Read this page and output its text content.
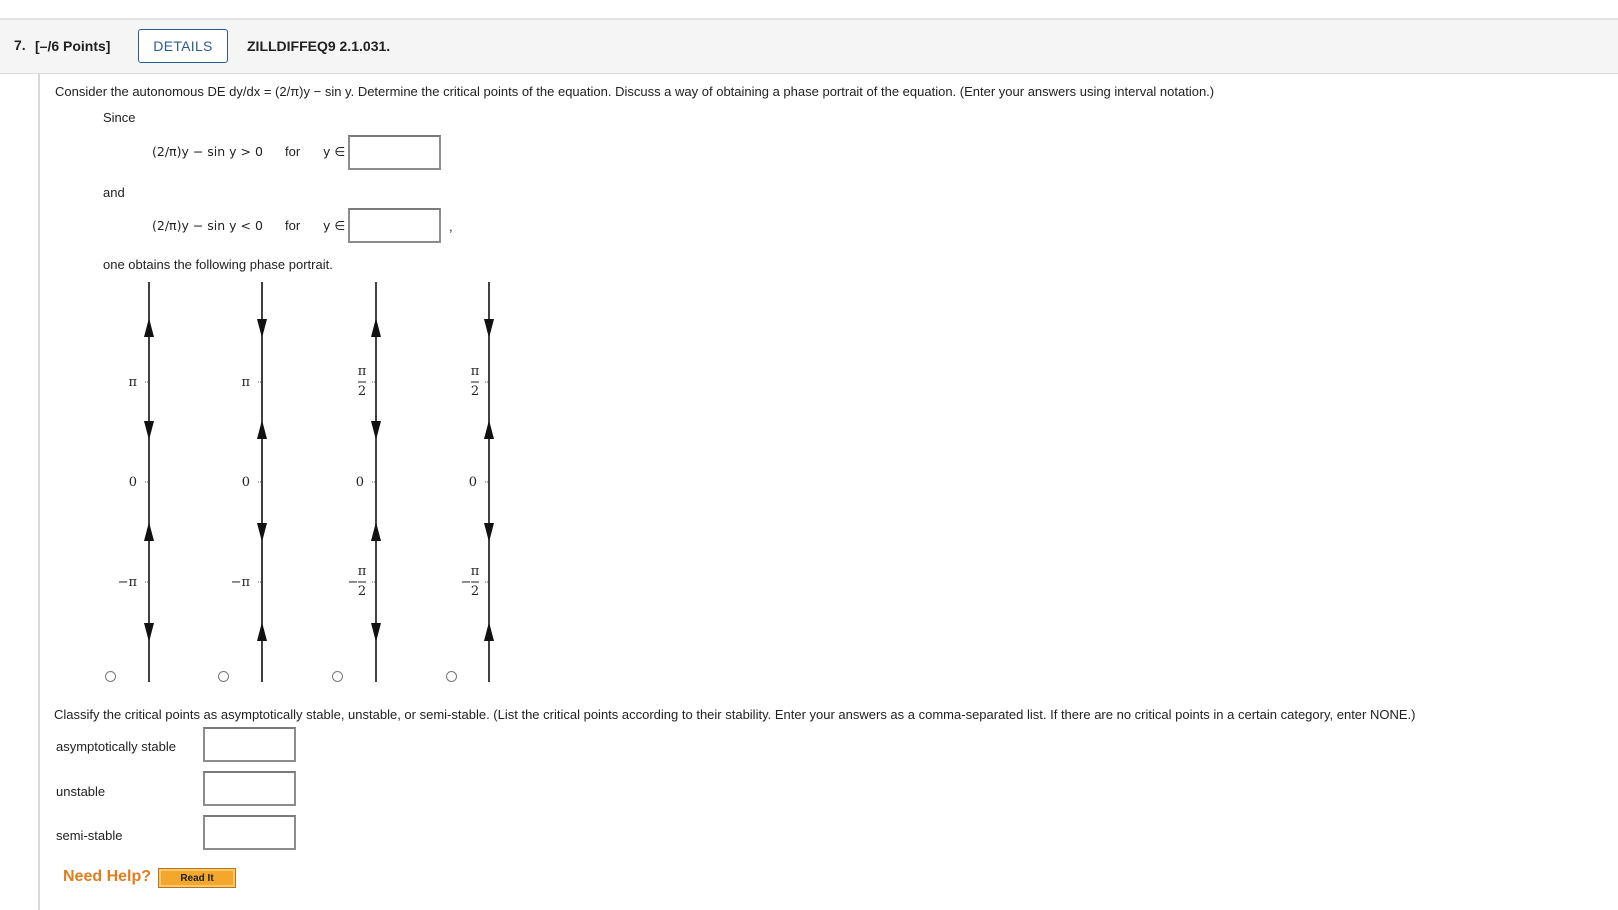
7. [–/6 Points]	DETAILS	ZILLDIFFEQ9 2.1.031.
Consider the autonomous DE dy/dx = (2/π)y − sin y. Determine the critical points of the equation. Discuss a way of obtaining a phase portrait of the equation. (Enter your answers using interval notation.)
Since
(2/π)y − sin y > 0 for y ∈
and
(2/π)y − sin y < 0 for y ∈	,
one obtains the following phase portrait.
π
0
−π
π
0
−π
π
2
0
π
2
−
π
2
0
π
2
−
Classify the critical points as asymptotically stable, unstable, or semi-stable. (List the critical points according to their stability. Enter your answers as a comma-separated list. If there are no critical points in a certain category, enter NONE.)
asymptotically stable
unstable
semi-stable
Need Help?	Read It
